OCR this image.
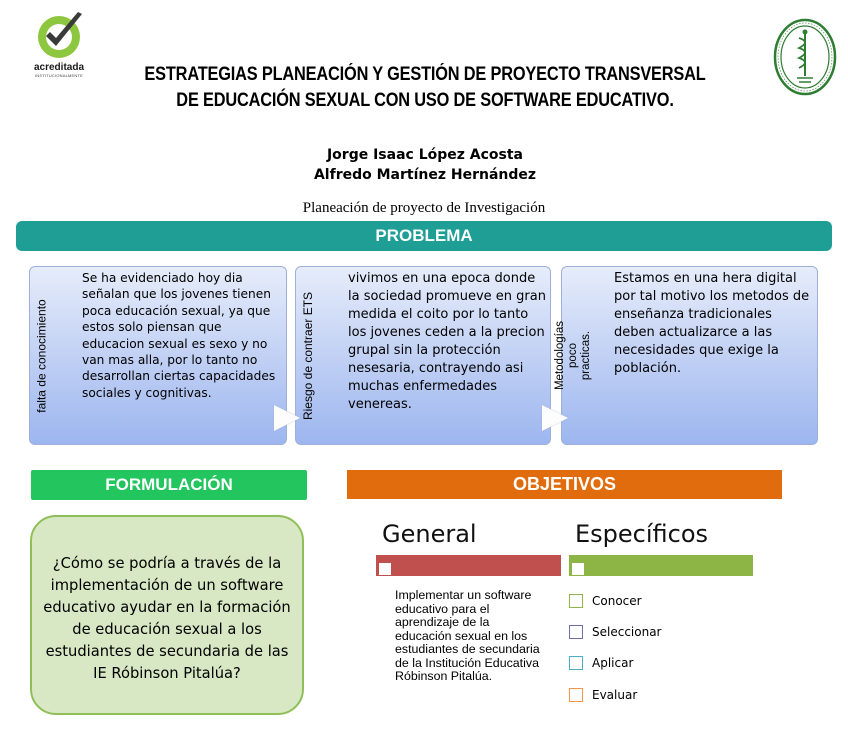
acreditada
INSTITUCIONALMENTE	ESTRATEGIAS PLANEACIÓN Y GESTIÓN DE PROYECTO TRANSVERSAL DE EDUCACIÓN SEXUAL CON USO DE SOFTWARE EDUCATIVO.
Jorge Isaac López Acosta
Alfredo Martínez Hernández
Planeación de proyecto de Investigación
PROBLEMA
falta de conocimiento
Se ha evidenciado hoy dia señalan que los jovenes tienen poca educación sexual, ya que estos solo piensan que educacion sexual es sexo y no van mas alla, por lo tanto no desarrollan ciertas capacidades sociales y cognitivas.	Riesgo de contraer ETS
vivimos en una epoca donde la sociedad promueve en gran medida el coito por lo tanto los jovenes ceden a la precion grupal sin la protección nesesaria, contrayendo asi muchas enfermedades venereas.
Metodologías poco practicas.
Estamos en una hera digital por tal motivo los metodos de enseñanza tradicionales deben actualizarce a las necesidades que exige la población.
FORMULACIÓN
¿Cómo se podría a través de la implementación de un software educativo ayudar en la formación de educación sexual a los estudiantes de secundaria de las IE Róbinson Pitalúa?
OBJETIVOS
General	Específicos
Implementar un software educativo para el aprendizaje de la educación sexual en los estudiantes de secundaria de la Institución Educativa Róbinson Pitalúa.
Conocer
Seleccionar
Aplicar
Evaluar
